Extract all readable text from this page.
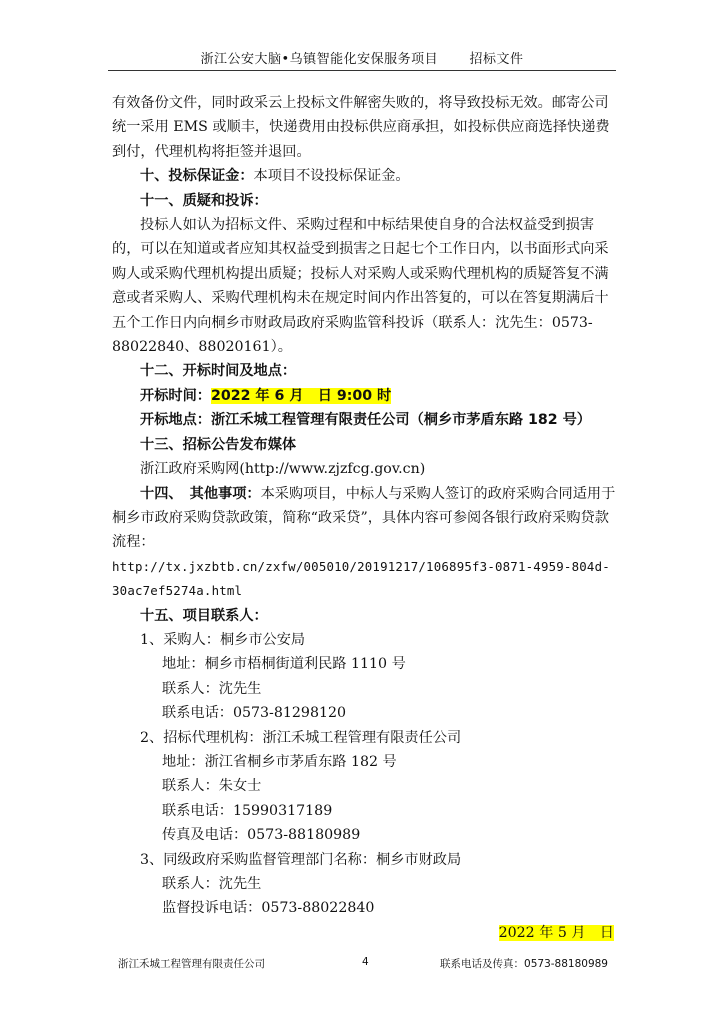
浙江公安大脑•乌镇智能化安保服务项目 招标文件

有效备份文件，同时政采云上投标文件解密失败的，将导致投标无效。邮寄公司统一采用 EMS 或顺丰，快递费用由投标供应商承担，如投标供应商选择快递费到付，代理机构将拒签并退回。

十、投标保证金：本项目不设投标保证金。

十一、质疑和投诉：

投标人如认为招标文件、采购过程和中标结果使自身的合法权益受到损害的，可以在知道或者应知其权益受到损害之日起七个工作日内，以书面形式向采购人或采购代理机构提出质疑；投标人对采购人或采购代理机构的质疑答复不满意或者采购人、采购代理机构未在规定时间内作出答复的，可以在答复期满后十五个工作日内向桐乡市财政局政府采购监管科投诉（联系人：沈先生：0573-88022840、88020161）。

十二、开标时间及地点：

开标时间：2022 年 6 月　日 9:00 时

开标地点：浙江禾城工程管理有限责任公司（桐乡市茅盾东路 182 号）

十三、招标公告发布媒体

浙江政府采购网(http://www.zjzfcg.gov.cn)

十四、　其他事项：本采购项目，中标人与采购人签订的政府采购合同适用于桐乡市政府采购贷款政策，简称“政采贷”，具体内容可参阅各银行政府采购贷款流程：

http://tx.jxzbtb.cn/zxfw/005010/20191217/106895f3-0871-4959-804d-30ac7ef5274a.html

十五、项目联系人：

1、采购人：桐乡市公安局

地址：桐乡市梧桐街道利民路 1110 号

联系人：沈先生

联系电话：0573-81298120

2、招标代理机构：浙江禾城工程管理有限责任公司

地址：浙江省桐乡市茅盾东路 182 号

联系人：朱女士

联系电话：15990317189

传真及电话：0573-88180989

3、同级政府采购监督管理部门名称：桐乡市财政局

联系人：沈先生

监督投诉电话：0573-88022840

2022 年 5 月　日

浙江禾城工程管理有限责任公司	4	联系电话及传真：0573-88180989
